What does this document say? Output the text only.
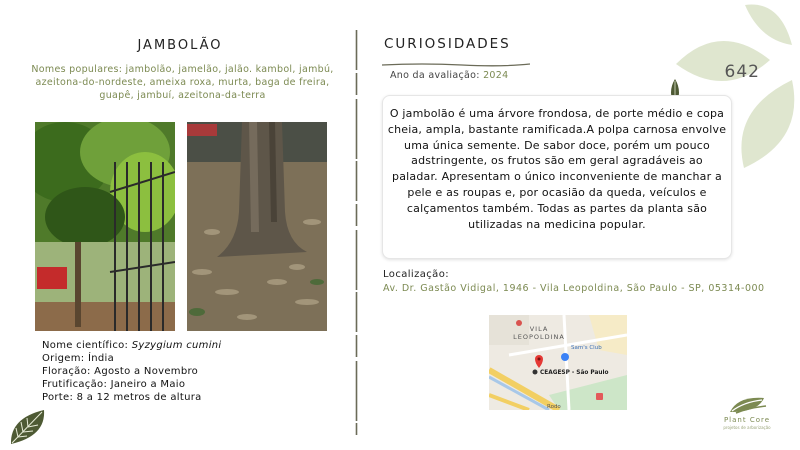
JAMBOLÃO
Nomes populares: jambolão, jamelão, jalão. kambol, jambú, azeitona-do-nordeste, ameixa roxa, murta, baga de freira, guapê, jambuí, azeitona-da-terra
Nome científico: Syzygium cumini
Origem: Índia
Floração: Agosto a Novembro
Frutificação: Janeiro a Maio
Porte: 8 a 12 metros de altura
CURIOSIDADES
Ano da avaliação: 2024	642
O jambolão é uma árvore frondosa, de porte médio e copa cheia, ampla, bastante ramificada.A polpa carnosa envolve uma única semente. De sabor doce, porém um pouco adstringente, os frutos são em geral agradáveis ao paladar. Apresentam o único inconveniente de manchar a pele e as roupas e, por ocasião da queda, veículos e calçamentos também. Todas as partes da planta são utilizadas na medicina popular.
Localização:
Av. Dr. Gastão Vidigal, 1946 - Vila Leopoldina, São Paulo - SP, 05314-000
VILA
LEOPOLDINA
Sam's Club
CEAGESP - São Paulo
Rodo
Plant Core
projetos de arborização
